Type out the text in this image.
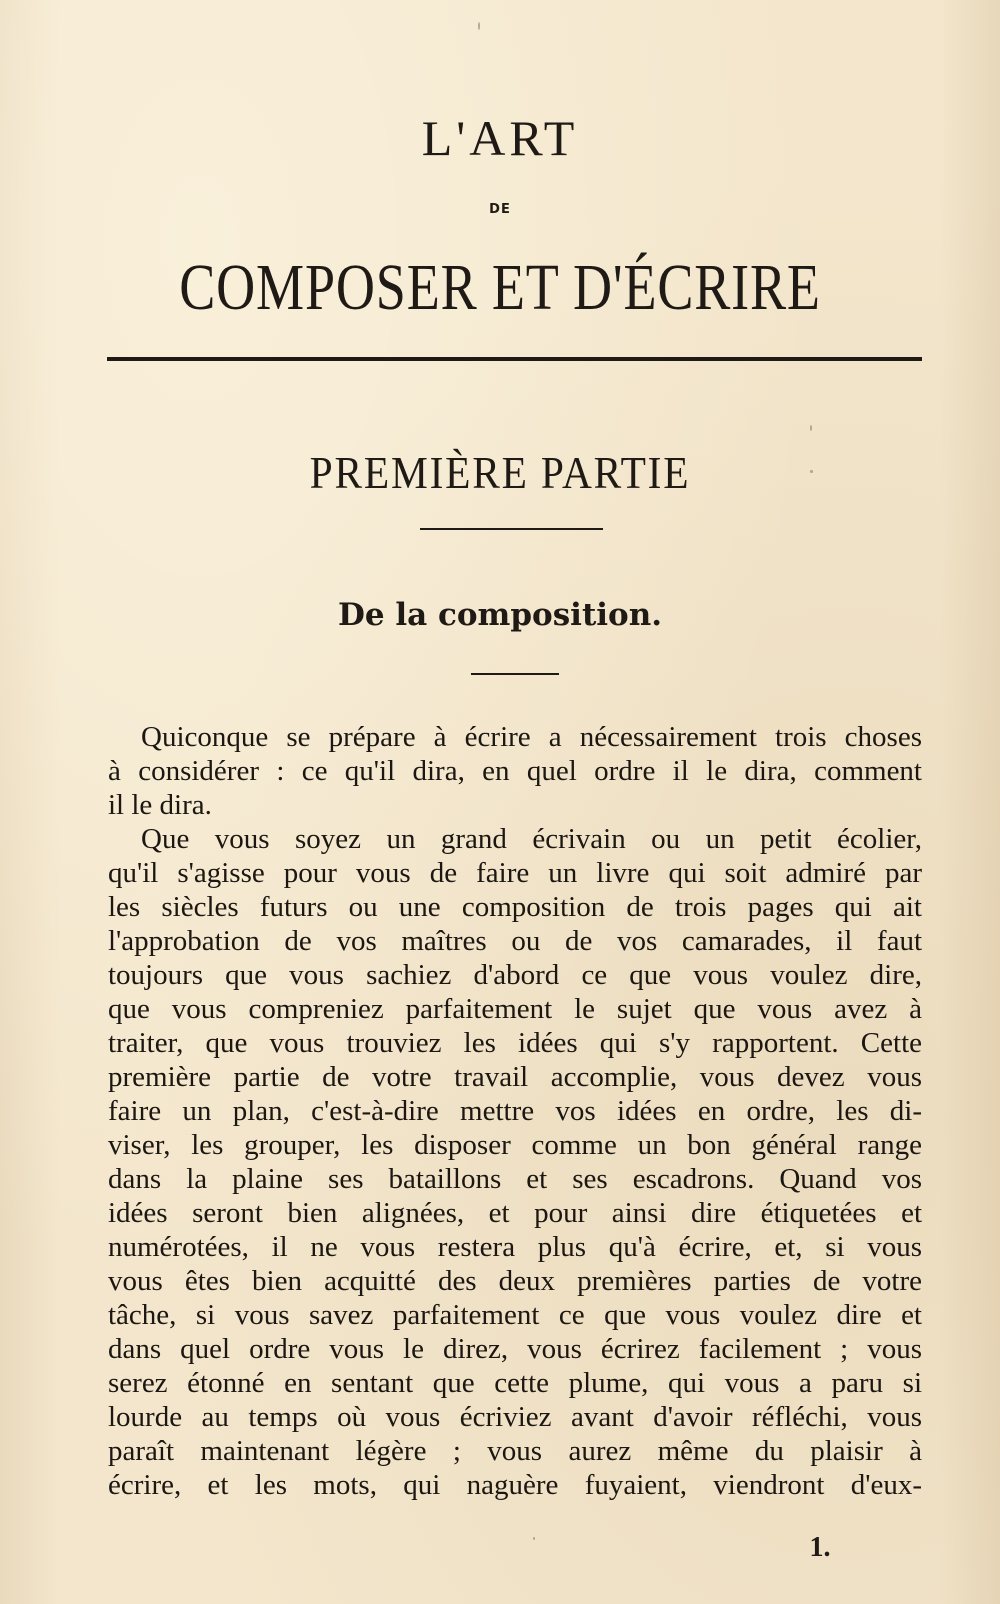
L'ART
DE
COMPOSER ET D'ÉCRIRE
PREMIÈRE PARTIE
De la composition.
Quiconque se prépare à écrire a nécessairement trois choses
à considérer : ce qu'il dira, en quel ordre il le dira, comment
il le dira.
Que vous soyez un grand écrivain ou un petit écolier,
qu'il s'agisse pour vous de faire un livre qui soit admiré par
les siècles futurs ou une composition de trois pages qui ait
l'approbation de vos maîtres ou de vos camarades, il faut
toujours que vous sachiez d'abord ce que vous voulez dire,
que vous compreniez parfaitement le sujet que vous avez à
traiter, que vous trouviez les idées qui s'y rapportent. Cette
première partie de votre travail accomplie, vous devez vous
faire un plan, c'est-à-dire mettre vos idées en ordre, les di-
viser, les grouper, les disposer comme un bon général range
dans la plaine ses bataillons et ses escadrons. Quand vos
idées seront bien alignées, et pour ainsi dire étiquetées et
numérotées, il ne vous restera plus qu'à écrire, et, si vous
vous êtes bien acquitté des deux premières parties de votre
tâche, si vous savez parfaitement ce que vous voulez dire et
dans quel ordre vous le direz, vous écrirez facilement ; vous
serez étonné en sentant que cette plume, qui vous a paru si
lourde au temps où vous écriviez avant d'avoir réfléchi, vous
paraît maintenant légère ; vous aurez même du plaisir à
écrire, et les mots, qui naguère fuyaient, viendront d'eux-
1.
